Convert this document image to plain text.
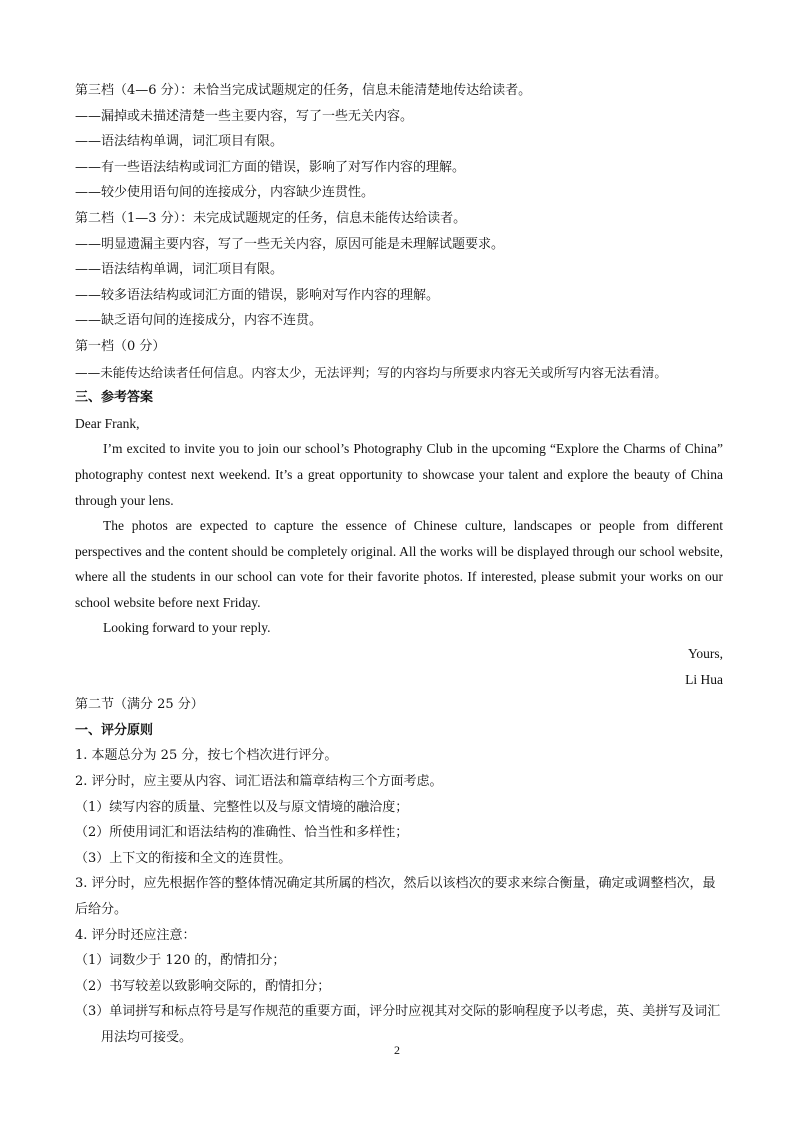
第三档（4—6 分）：未恰当完成试题规定的任务，信息未能清楚地传达给读者。
——漏掉或未描述清楚一些主要内容，写了一些无关内容。
——语法结构单调，词汇项目有限。
——有一些语法结构或词汇方面的错误，影响了对写作内容的理解。
——较少使用语句间的连接成分，内容缺少连贯性。
第二档（1—3 分）：未完成试题规定的任务，信息未能传达给读者。
——明显遗漏主要内容，写了一些无关内容，原因可能是未理解试题要求。
——语法结构单调，词汇项目有限。
——较多语法结构或词汇方面的错误，影响对写作内容的理解。
——缺乏语句间的连接成分，内容不连贯。
第一档（0 分）
——未能传达给读者任何信息。内容太少，无法评判；写的内容均与所要求内容无关或所写内容无法看清。
三、参考答案
Dear Frank,
I’m excited to invite you to join our school’s Photography Club in the upcoming “Explore the Charms of China” photography contest next weekend. It’s a great opportunity to showcase your talent and explore the beauty of China through your lens.
The photos are expected to capture the essence of Chinese culture, landscapes or people from different perspectives and the content should be completely original. All the works will be displayed through our school website, where all the students in our school can vote for their favorite photos. If interested, please submit your works on our school website before next Friday.
Looking forward to your reply.
Yours,
Li Hua
第二节（满分 25 分）
一、评分原则
1. 本题总分为 25 分，按七个档次进行评分。
2. 评分时，应主要从内容、词汇语法和篇章结构三个方面考虑。
（1）续写内容的质量、完整性以及与原文情境的融洽度；
（2）所使用词汇和语法结构的准确性、恰当性和多样性；
（3）上下文的衔接和全文的连贯性。
3. 评分时，应先根据作答的整体情况确定其所属的档次，然后以该档次的要求来综合衡量，确定或调整档次，最后给分。
4. 评分时还应注意：
（1）词数少于 120 的，酌情扣分；
（2）书写较差以致影响交际的，酌情扣分；
（3）单词拼写和标点符号是写作规范的重要方面，评分时应视其对交际的影响程度予以考虑，英、美拼写及词汇用法均可接受。
2
